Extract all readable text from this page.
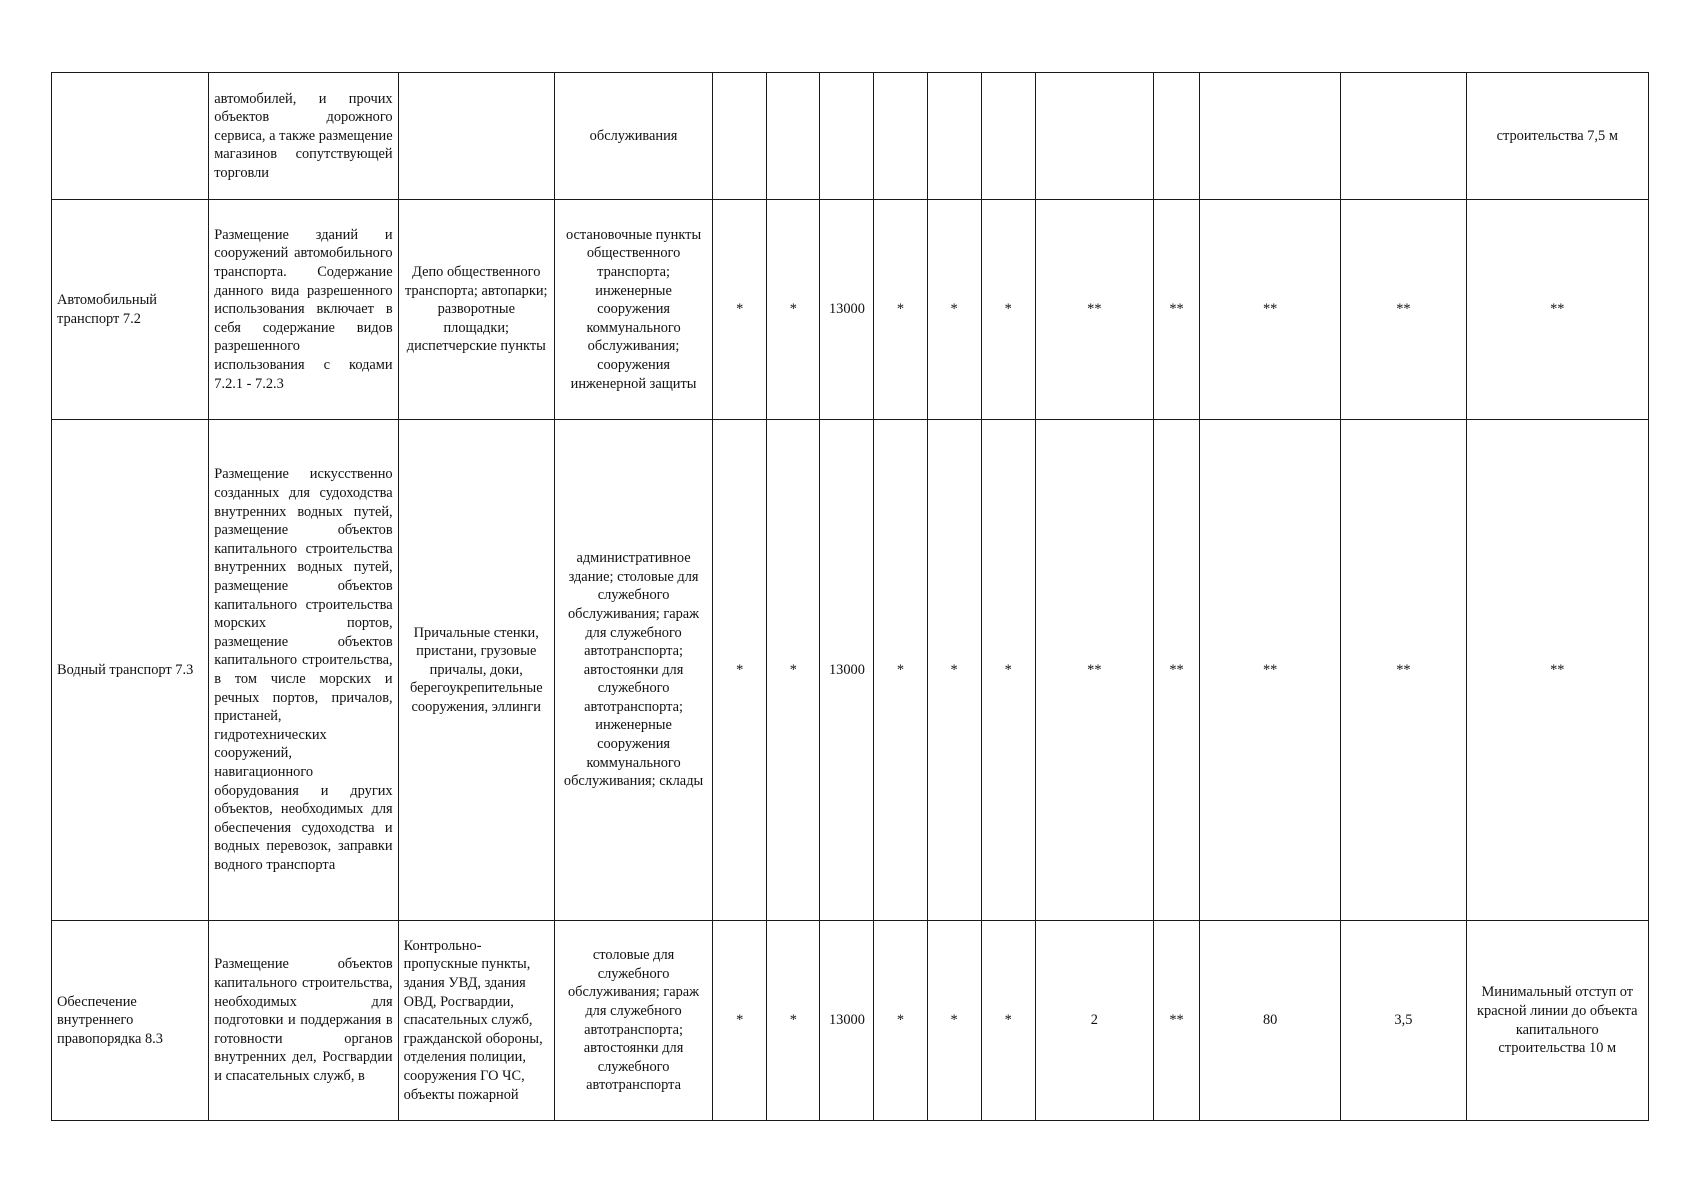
	автомобилей, и прочих объектов дорожного сервиса, а также размещение магазинов сопутствующей торговли		обслуживания											строительства 7,5 м
Автомобильный транспорт 7.2	Размещение зданий и сооружений автомобильного транспорта. Содержание данного вида разрешенного использования включает в себя содержание видов разрешенного использования с кодами 7.2.1 - 7.2.3	Депо общественного транспорта; автопарки; разворотные площадки; диспетчерские пункты	остановочные пункты общественного транспорта; инженерные сооружения коммунального обслуживания; сооружения инженерной защиты	*	*	13000	*	*	*	**	**	**	**	**
Водный транспорт 7.3	Размещение искусственно созданных для судоходства внутренних водных путей, размещение объектов капитального строительства внутренних водных путей, размещение объектов капитального строительства морских портов, размещение объектов капитального строительства, в том числе морских и речных портов, причалов, пристаней, гидротехнических сооружений, навигационного оборудования и других объектов, необходимых для обеспечения судоходства и водных перевозок, заправки водного транспорта	Причальные стенки, пристани, грузовые причалы, доки, берегоукрепительные сооружения, эллинги	административное здание; столовые для служебного обслуживания; гараж для служебного автотранспорта; автостоянки для служебного автотранспорта; инженерные сооружения коммунального обслуживания; склады	*	*	13000	*	*	*	**	**	**	**	**
Обеспечение внутреннего правопорядка 8.3	Размещение объектов капитального строительства, необходимых для подготовки и поддержания в готовности органов внутренних дел, Росгвардии и спасательных служб, в	Контрольно-пропускные пункты, здания УВД, здания ОВД, Росгвардии, спасательных служб, гражданской обороны, отделения полиции, сооружения ГО ЧС, объекты пожарной	столовые для служебного обслуживания; гараж для служебного автотранспорта; автостоянки для служебного автотранспорта	*	*	13000	*	*	*	2	**	80	3,5	Минимальный отступ от красной линии до объекта капитального строительства 10 м
